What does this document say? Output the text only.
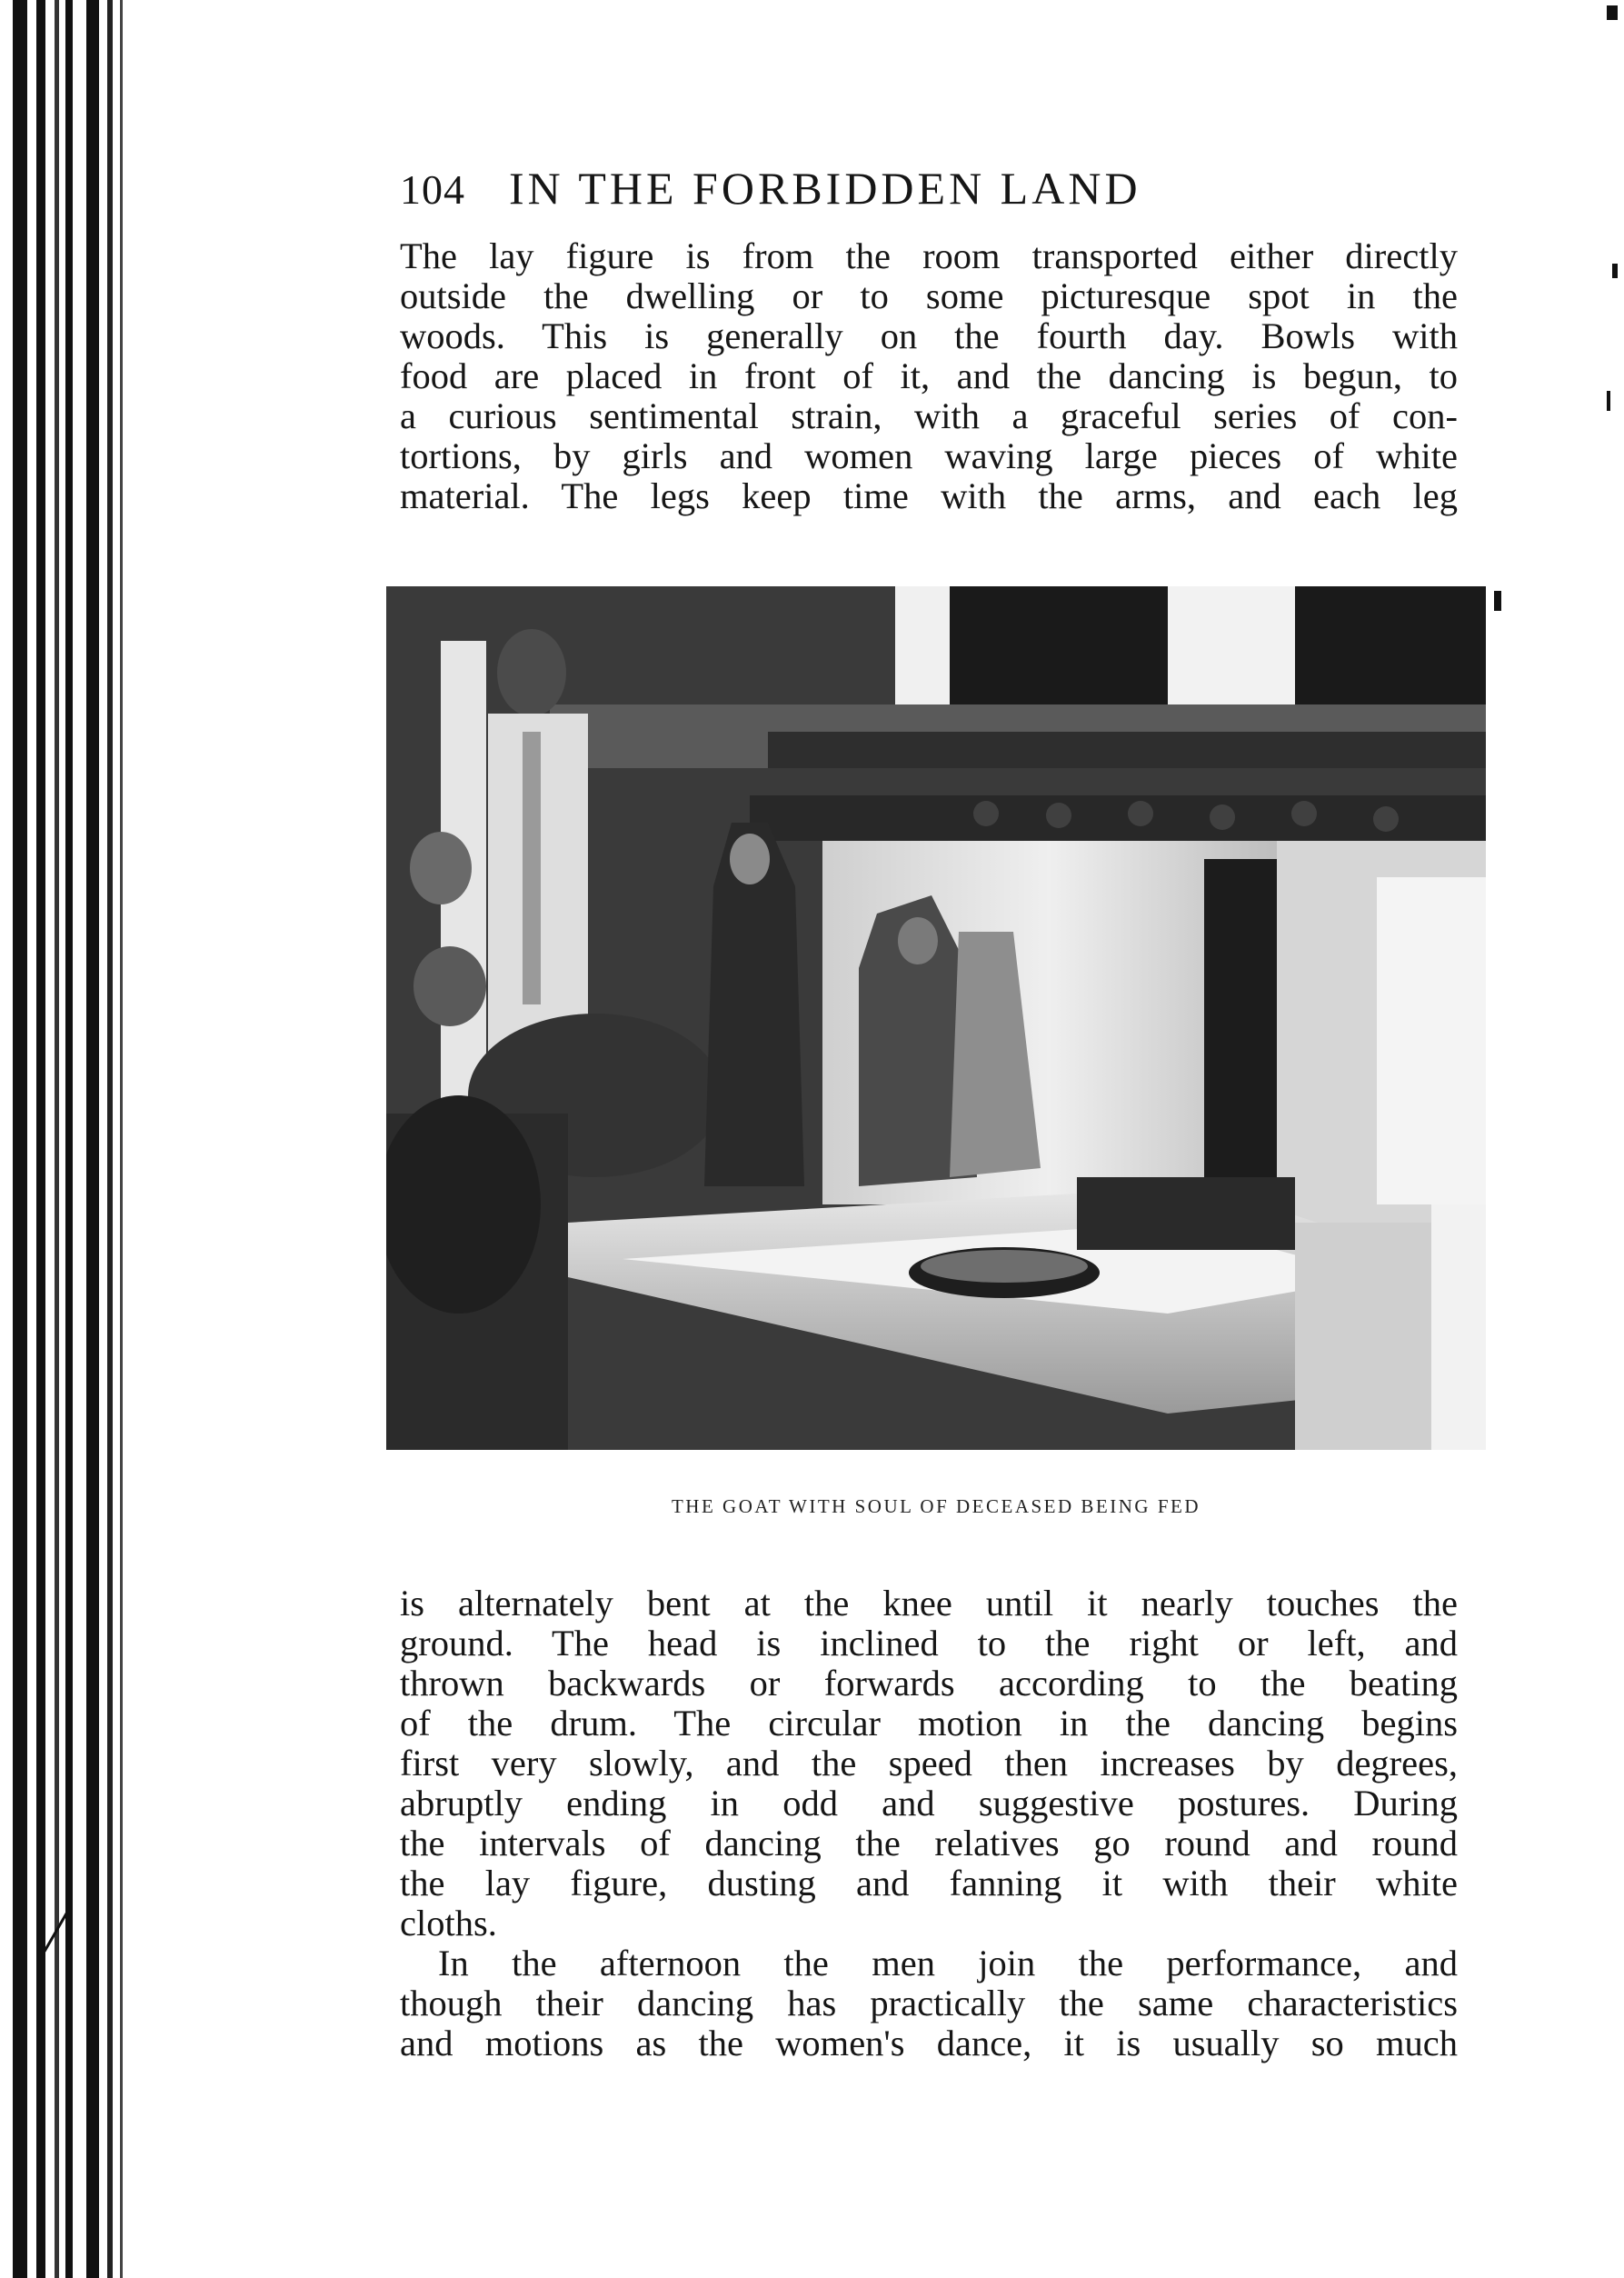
104 IN THE FORBIDDEN LAND
The lay figure is from the room transported either directly
outside the dwelling or to some picturesque spot in the
woods. This is generally on the fourth day. Bowls with
food are placed in front of it, and the dancing is begun, to
a curious sentimental strain, with a graceful series of con-
tortions, by girls and women waving large pieces of white
material. The legs keep time with the arms, and each leg
THE GOAT WITH SOUL OF DECEASED BEING FED
is alternately bent at the knee until it nearly touches the
ground. The head is inclined to the right or left, and
thrown backwards or forwards according to the beating
of the drum. The circular motion in the dancing begins
first very slowly, and the speed then increases by degrees,
abruptly ending in odd and suggestive postures. During
the intervals of dancing the relatives go round and round
the lay figure, dusting and fanning it with their white
cloths.
In the afternoon the men join the performance, and
though their dancing has practically the same characteristics
and motions as the women's dance, it is usually so much
